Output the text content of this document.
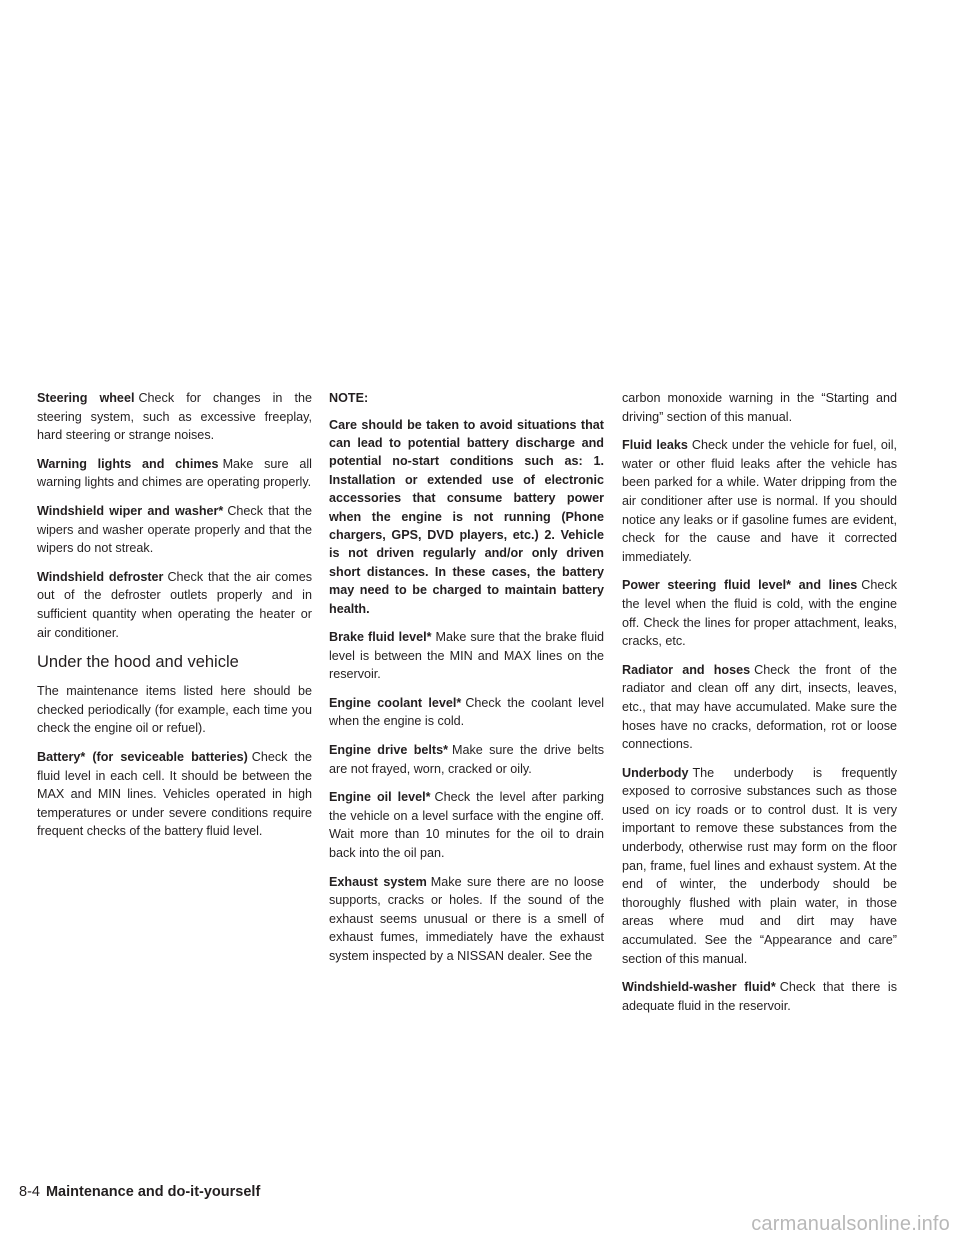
Steering wheel Check for changes in the steering system, such as excessive freeplay, hard steering or strange noises.

Warning lights and chimes Make sure all warning lights and chimes are operating properly.

Windshield wiper and washer* Check that the wipers and washer operate properly and that the wipers do not streak.

Windshield defroster Check that the air comes out of the defroster outlets properly and in sufficient quantity when operating the heater or air conditioner.

Under the hood and vehicle

The maintenance items listed here should be checked periodically (for example, each time you check the engine oil or refuel).

Battery* (for seviceable batteries) Check the fluid level in each cell. It should be between the MAX and MIN lines. Vehicles operated in high temperatures or under severe conditions require frequent checks of the battery fluid level.

NOTE:

Care should be taken to avoid situations that can lead to potential battery discharge and potential no-start conditions such as: 1. Installation or extended use of electronic accessories that consume battery power when the engine is not running (Phone chargers, GPS, DVD players, etc.) 2. Vehicle is not driven regularly and/or only driven short distances. In these cases, the battery may need to be charged to maintain battery health.

Brake fluid level* Make sure that the brake fluid level is between the MIN and MAX lines on the reservoir.

Engine coolant level* Check the coolant level when the engine is cold.

Engine drive belts* Make sure the drive belts are not frayed, worn, cracked or oily.

Engine oil level* Check the level after parking the vehicle on a level surface with the engine off. Wait more than 10 minutes for the oil to drain back into the oil pan.

Exhaust system Make sure there are no loose supports, cracks or holes. If the sound of the exhaust seems unusual or there is a smell of exhaust fumes, immediately have the exhaust system inspected by a NISSAN dealer. See the

carbon monoxide warning in the “Starting and driving” section of this manual.

Fluid leaks Check under the vehicle for fuel, oil, water or other fluid leaks after the vehicle has been parked for a while. Water dripping from the air conditioner after use is normal. If you should notice any leaks or if gasoline fumes are evident, check for the cause and have it corrected immediately.

Power steering fluid level* and lines Check the level when the fluid is cold, with the engine off. Check the lines for proper attachment, leaks, cracks, etc.

Radiator and hoses Check the front of the radiator and clean off any dirt, insects, leaves, etc., that may have accumulated. Make sure the hoses have no cracks, deformation, rot or loose connections.

Underbody The underbody is frequently exposed to corrosive substances such as those used on icy roads or to control dust. It is very important to remove these substances from the underbody, otherwise rust may form on the floor pan, frame, fuel lines and exhaust system. At the end of winter, the underbody should be thoroughly flushed with plain water, in those areas where mud and dirt may have accumulated. See the “Appearance and care” section of this manual.

Windshield-washer fluid* Check that there is adequate fluid in the reservoir.

8-4 Maintenance and do-it-yourself
carmanualsonline.info
